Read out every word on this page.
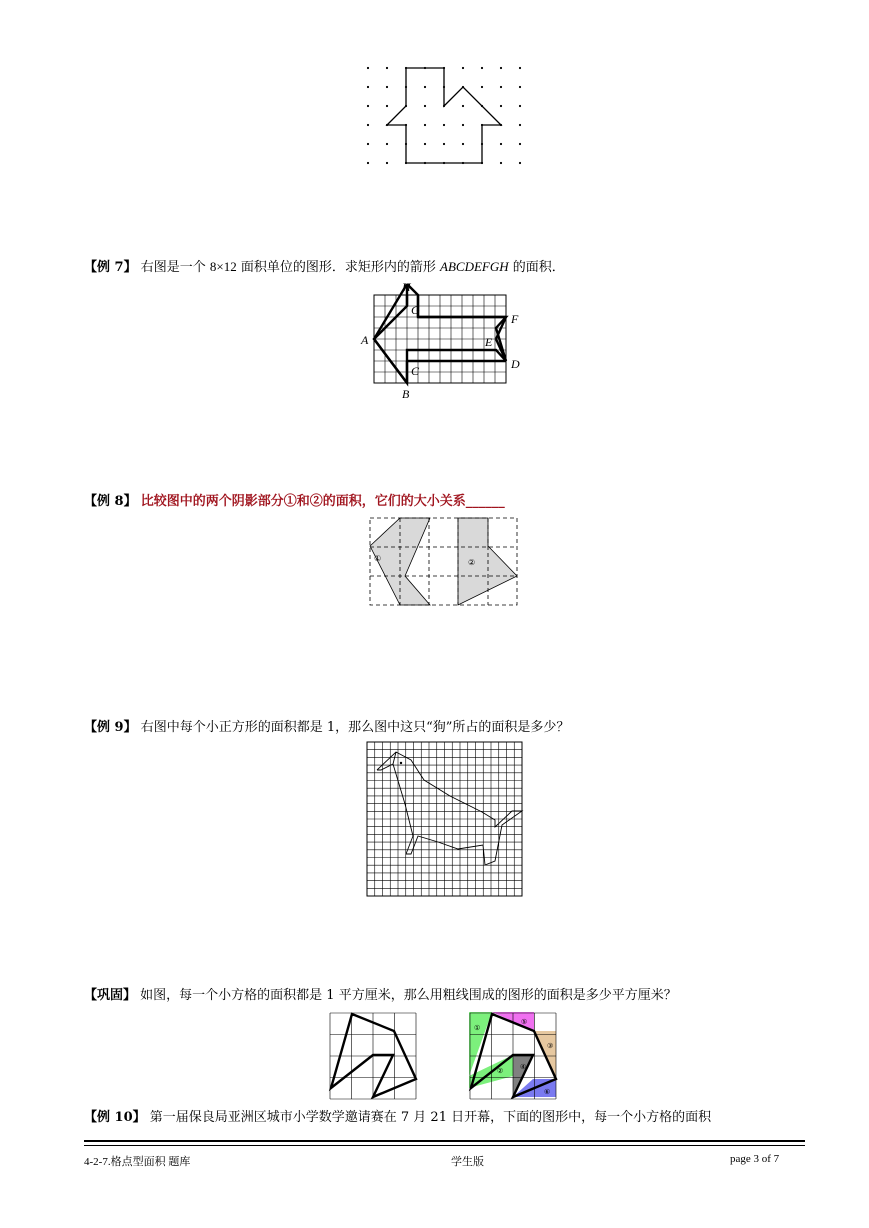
【例 7】 右图是一个 8×12 面积单位的图形．求矩形内的箭形 ABCDEFGH 的面积．
H
G
F
A	E
D
C
B
【例 8】 比较图中的两个阴影部分①和②的面积，它们的大小关系______
①	②
【例 9】 右图中每个小正方形的面积都是 1，那么图中这只“狗”所占的面积是多少？
【巩固】 如图，每一个小方格的面积都是 1 平方厘米，那么用粗线围成的图形的面积是多少平方厘米？
①
②
③
④
⑤
⑥
【例 10】 第一届保良局亚洲区城市小学数学邀请赛在 7 月 21 日开幕，下面的图形中，每一个小方格的面积
4-2-7.格点型面积 题库	学生版	page 3 of 7
